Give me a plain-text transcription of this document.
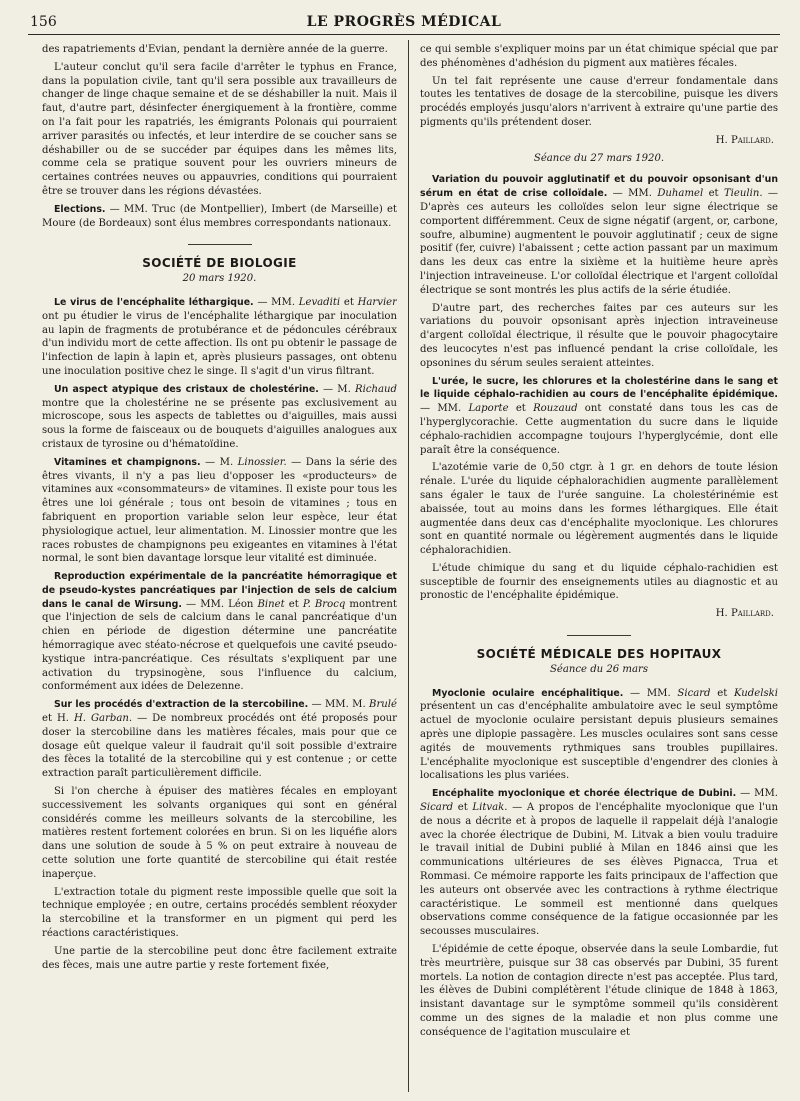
156	LE PROGRÈS MÉDICAL

des rapatriements d'Evian, pendant la dernière année de la guerre.

L'auteur conclut qu'il sera facile d'arrêter le typhus en France, dans la population civile, tant qu'il sera possible aux travailleurs de changer de linge chaque semaine et de se déshabiller la nuit. Mais il faut, d'autre part, désinfecter énergiquement à la frontière, comme on l'a fait pour les rapatriés, les émigrants Polonais qui pourraient arriver parasités ou infectés, et leur interdire de se coucher sans se déshabiller ou de se succéder par équipes dans les mêmes lits, comme cela se pratique souvent pour les ouvriers mineurs de certaines contrées neuves ou appauvries, conditions qui pourraient être se trouver dans les régions dévastées.

Elections. — MM. Truc (de Montpellier), Imbert (de Marseille) et Moure (de Bordeaux) sont élus membres correspondants nationaux.

SOCIÉTÉ DE BIOLOGIE
20 mars 1920.

Le virus de l'encéphalite léthargique. — MM. Levaditi et Harvier ont pu étudier le virus de l'encéphalite léthargique par inoculation au lapin de fragments de protubérance et de pédoncules cérébraux d'un individu mort de cette affection. Ils ont pu obtenir le passage de l'infection de lapin à lapin et, après plusieurs passages, ont obtenu une inoculation positive chez le singe. Il s'agit d'un virus filtrant.

Un aspect atypique des cristaux de cholestérine. — M. Richaud montre que la cholestérine ne se présente pas exclusivement au microscope, sous les aspects de tablettes ou d'aiguilles, mais aussi sous la forme de faisceaux ou de bouquets d'aiguilles analogues aux cristaux de tyrosine ou d'hématoïdine.

Vitamines et champignons. — M. Linossier. — Dans la série des êtres vivants, il n'y a pas lieu d'opposer les «producteurs» de vitamines aux «consommateurs» de vitamines. Il existe pour tous les êtres une loi générale ; tous ont besoin de vitamines ; tous en fabriquent en proportion variable selon leur espèce, leur état physiologique actuel, leur alimentation. M. Linossier montre que les races robustes de champignons peu exigeantes en vitamines à l'état normal, le sont bien davantage lorsque leur vitalité est diminuée.

Reproduction expérimentale de la pancréatite hémorragique et de pseudo-kystes pancréatiques par l'injection de sels de calcium dans le canal de Wirsung. — MM. Léon Binet et P. Brocq montrent que l'injection de sels de calcium dans le canal pancréatique d'un chien en période de digestion détermine une pancréatite hémorragique avec stéato-nécrose et quelquefois une cavité pseudo-kystique intra-pancréatique. Ces résultats s'expliquent par une activation du trypsinogène, sous l'influence du calcium, conformément aux idées de Delezenne.

Sur les procédés d'extraction de la stercobiline. — MM. M. Brulé et H. H. Garban. — De nombreux procédés ont été proposés pour doser la stercobiline dans les matières fécales, mais pour que ce dosage eût quelque valeur il faudrait qu'il soit possible d'extraire des fèces la totalité de la stercobiline qui y est contenue ; or cette extraction paraît particulièrement difficile.

Si l'on cherche à épuiser des matières fécales en employant successivement les solvants organiques qui sont en général considérés comme les meilleurs solvants de la stercobiline, les matières restent fortement colorées en brun. Si on les liquéfie alors dans une solution de soude à 5 % on peut extraire à nouveau de cette solution une forte quantité de stercobiline qui était restée inaperçue.

L'extraction totale du pigment reste impossible quelle que soit la technique employée ; en outre, certains procédés semblent réoxyder la stercobiline et la transformer en un pigment qui perd les réactions caractéristiques.

Une partie de la stercobiline peut donc être facilement extraite des fèces, mais une autre partie y reste fortement fixée,

ce qui semble s'expliquer moins par un état chimique spécial que par des phénomènes d'adhésion du pigment aux matières fécales.

Un tel fait représente une cause d'erreur fondamentale dans toutes les tentatives de dosage de la stercobiline, puisque les divers procédés employés jusqu'alors n'arrivent à extraire qu'une partie des pigments qu'ils prétendent doser.

H. Paillard.

Séance du 27 mars 1920.

Variation du pouvoir agglutinatif et du pouvoir opsonisant d'un sérum en état de crise colloïdale. — MM. Duhamel et Tieulin. — D'après ces auteurs les colloïdes selon leur signe électrique se comportent différemment. Ceux de signe négatif (argent, or, carbone, soufre, albumine) augmentent le pouvoir agglutinatif ; ceux de signe positif (fer, cuivre) l'abaissent ; cette action passant par un maximum dans les deux cas entre la sixième et la huitième heure après l'injection intraveineuse. L'or colloïdal électrique et l'argent colloïdal électrique se sont montrés les plus actifs de la série étudiée.

D'autre part, des recherches faites par ces auteurs sur les variations du pouvoir opsonisant après injection intraveineuse d'argent colloïdal électrique, il résulte que le pouvoir phagocytaire des leucocytes n'est pas influencé pendant la crise colloïdale, les opsonines du sérum seules seraient atteintes.

L'urée, le sucre, les chlorures et la cholestérine dans le sang et le liquide céphalo-rachidien au cours de l'encéphalite épidémique. — MM. Laporte et Rouzaud ont constaté dans tous les cas de l'hyperglycorachie. Cette augmentation du sucre dans le liquide céphalo-rachidien accompagne toujours l'hyperglycémie, dont elle paraît être la conséquence.

L'azotémie varie de 0,50 ctgr. à 1 gr. en dehors de toute lésion rénale. L'urée du liquide céphalorachidien augmente parallèlement sans égaler le taux de l'urée sanguine. La cholestérinémie est abaissée, tout au moins dans les formes léthargiques. Elle était augmentée dans deux cas d'encéphalite myoclonique. Les chlorures sont en quantité normale ou légèrement augmentés dans le liquide céphalorachidien.

L'étude chimique du sang et du liquide céphalo-rachidien est susceptible de fournir des enseignements utiles au diagnostic et au pronostic de l'encéphalite épidémique.

H. Paillard.

SOCIÉTÉ MÉDICALE DES HOPITAUX
Séance du 26 mars

Myoclonie oculaire encéphalitique. — MM. Sicard et Kudelski présentent un cas d'encéphalite ambulatoire avec le seul symptôme actuel de myoclonie oculaire persistant depuis plusieurs semaines après une diplopie passagère. Les muscles oculaires sont sans cesse agités de mouvements rythmiques sans troubles pupillaires. L'encéphalite myoclonique est susceptible d'engendrer des clonies à localisations les plus variées.

Encéphalite myoclonique et chorée électrique de Dubini. — MM. Sicard et Litvak. — A propos de l'encéphalite myoclonique que l'un de nous a décrite et à propos de laquelle il rappelait déjà l'analogie avec la chorée électrique de Dubini, M. Litvak a bien voulu traduire le travail initial de Dubini publié à Milan en 1846 ainsi que les communications ultérieures de ses élèves Pignacca, Trua et Rommasi. Ce mémoire rapporte les faits principaux de l'affection que les auteurs ont observée avec les contractions à rythme électrique caractéristique. Le sommeil est mentionné dans quelques observations comme conséquence de la fatigue occasionnée par les secousses musculaires.

L'épidémie de cette époque, observée dans la seule Lombardie, fut très meurtrière, puisque sur 38 cas observés par Dubini, 35 furent mortels. La notion de contagion directe n'est pas acceptée. Plus tard, les élèves de Dubini complétèrent l'étude clinique de 1848 à 1863, insistant davantage sur le symptôme sommeil qu'ils considèrent comme un des signes de la maladie et non plus comme une conséquence de l'agitation musculaire et
